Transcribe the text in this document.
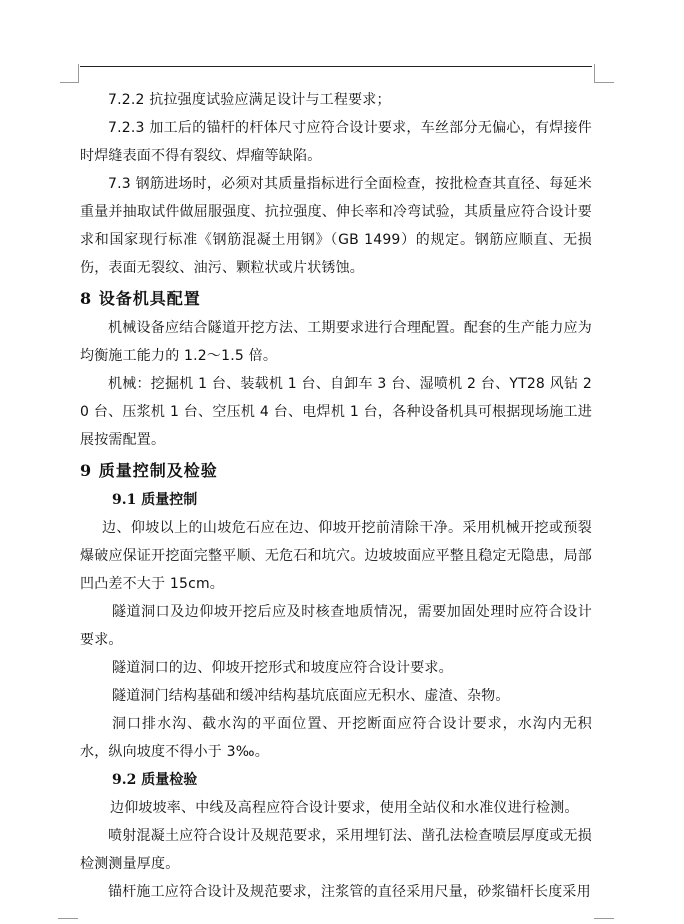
7.2.2 抗拉强度试验应满足设计与工程要求；

7.2.3 加工后的锚杆的杆体尺寸应符合设计要求，车丝部分无偏心，有焊接件时焊缝表面不得有裂纹、焊瘤等缺陷。

7.3 钢筋进场时，必须对其质量指标进行全面检查，按批检查其直径、每延米重量并抽取试件做屈服强度、抗拉强度、伸长率和冷弯试验，其质量应符合设计要求和国家现行标准《钢筋混凝土用钢》（GB 1499）的规定。钢筋应顺直、无损伤，表面无裂纹、油污、颗粒状或片状锈蚀。

8 设备机具配置

机械设备应结合隧道开挖方法、工期要求进行合理配置。配套的生产能力应为均衡施工能力的 1.2～1.5 倍。

机械：挖掘机 1 台、装载机 1 台、自卸车 3 台、湿喷机 2 台、YT28 风钻 20 台、压浆机 1 台、空压机 4 台、电焊机 1 台，各种设备机具可根据现场施工进展按需配置。

9 质量控制及检验
9.1 质量控制

边、仰坡以上的山坡危石应在边、仰坡开挖前清除干净。采用机械开挖或预裂爆破应保证开挖面完整平顺、无危石和坑穴。边坡坡面应平整且稳定无隐患，局部凹凸差不大于 15cm。

隧道洞口及边仰坡开挖后应及时核查地质情况，需要加固处理时应符合设计要求。

隧道洞口的边、仰坡开挖形式和坡度应符合设计要求。

隧道洞门结构基础和缓冲结构基坑底面应无积水、虚渣、杂物。

洞口排水沟、截水沟的平面位置、开挖断面应符合设计要求，水沟内无积水，纵向坡度不得小于 3‰。

9.2 质量检验

边仰坡坡率、中线及高程应符合设计要求，使用全站仪和水准仪进行检测。

喷射混凝土应符合设计及规范要求，采用埋钉法、凿孔法检查喷层厚度或无损检测测量厚度。

锚杆施工应符合设计及规范要求，注浆管的直径采用尺量，砂浆锚杆长度采用
